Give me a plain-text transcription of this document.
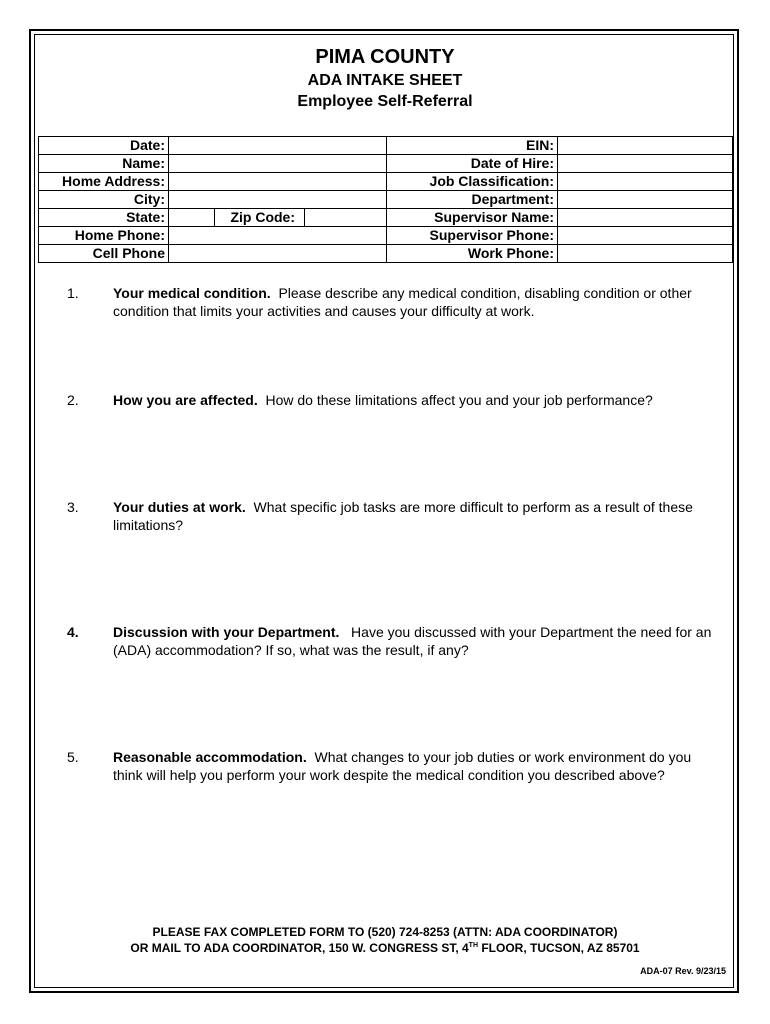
PIMA COUNTY
ADA INTAKE SHEET
Employee Self-Referral
Date:		EIN:	
Name:		Date of Hire:	
Home Address:		Job Classification:	
City:		Department:	
State:	Zip Code:	Supervisor Name:	
Home Phone:		Supervisor Phone:	
Cell Phone		Work Phone:	
1.	Your medical condition. Please describe any medical condition, disabling condition or other condition that limits your activities and causes your difficulty at work.
2.	How you are affected. How do these limitations affect you and your job performance?
3.	Your duties at work. What specific job tasks are more difficult to perform as a result of these limitations?
4.	Discussion with your Department. Have you discussed with your Department the need for an (ADA) accommodation? If so, what was the result, if any?
5.	Reasonable accommodation. What changes to your job duties or work environment do you think will help you perform your work despite the medical condition you described above?
PLEASE FAX COMPLETED FORM TO (520) 724-8253 (ATTN: ADA COORDINATOR)
OR MAIL TO ADA COORDINATOR, 150 W. CONGRESS ST, 4TH FLOOR, TUCSON, AZ 85701
ADA-07 Rev. 9/23/15
